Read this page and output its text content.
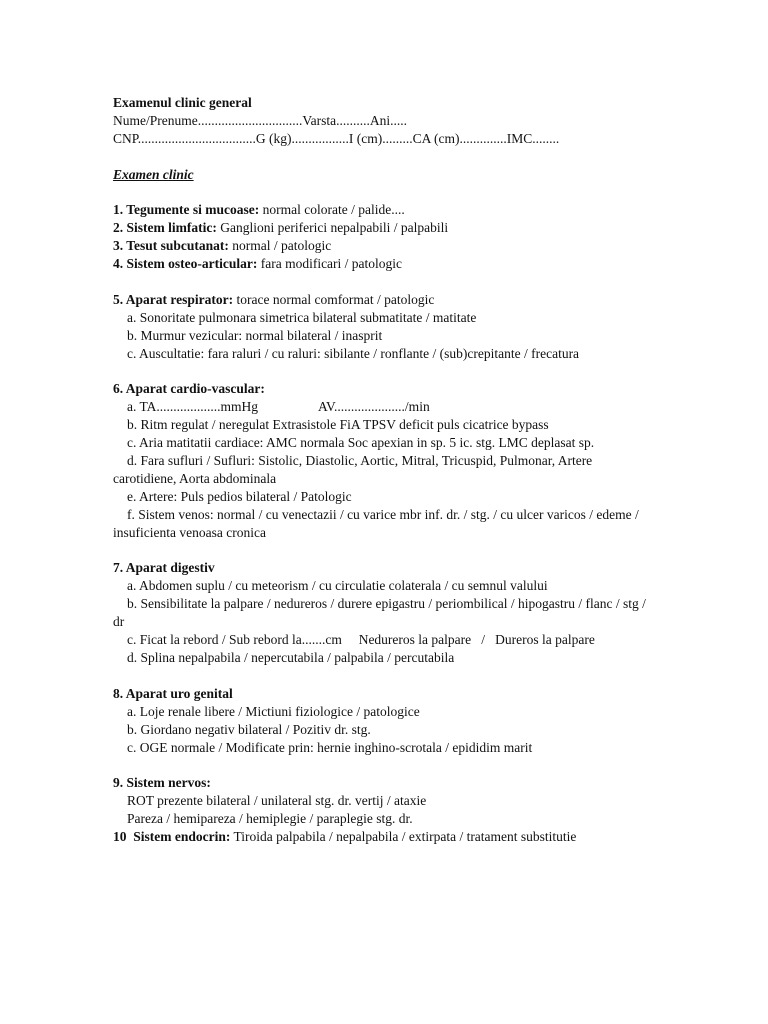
Examenul clinic general
Nume/Prenume...............................Varsta..........Ani.....
CNP...................................G (kg).................I (cm).........CA (cm)..............IMC........
Examen clinic
1. Tegumente si mucoase: normal colorate / palide....
2. Sistem limfatic: Ganglioni periferici nepalpabili / palpabili
3. Tesut subcutanat: normal / patologic
4. Sistem osteo-articular: fara modificari / patologic
5. Aparat respirator: torace normal comformat / patologic
a. Sonoritate pulmonara simetrica bilateral submatitate / matitate
b. Murmur vezicular: normal bilateral / inasprit
c. Auscultatie: fara raluri / cu raluri: sibilante / ronflante / (sub)crepitante / frecatura
6. Aparat cardio-vascular:
a. TA...................mmHg                  AV...................../min
b. Ritm regulat / neregulat Extrasistole FiA TPSV deficit puls cicatrice bypass
c. Aria matitatii cardiace: AMC normala Soc apexian in sp. 5 ic. stg. LMC deplasat sp.
d. Fara sufluri / Sufluri: Sistolic, Diastolic, Aortic, Mitral, Tricuspid, Pulmonar, Artere carotidiene, Aorta abdominala
e. Artere: Puls pedios bilateral / Patologic
f. Sistem venos: normal / cu venectazii / cu varice mbr inf. dr. / stg. / cu ulcer varicos / edeme / insuficienta venoasa cronica
7. Aparat digestiv
a. Abdomen suplu / cu meteorism / cu circulatie colaterala / cu semnul valului
b. Sensibilitate la palpare / nedureros / durere epigastru / periombilical / hipogastru / flanc / stg / dr
c. Ficat la rebord / Sub rebord la.......cm     Nedureros la palpare   /   Dureros la palpare
d. Splina nepalpabila / nepercutabila / palpabila / percutabila
8. Aparat uro genital
a. Loje renale libere / Mictiuni fiziologice / patologice
b. Giordano negativ bilateral / Pozitiv dr. stg.
c. OGE normale / Modificate prin: hernie inghino-scrotala / epididim marit
9. Sistem nervos:
ROT prezente bilateral / unilateral stg. dr. vertij / ataxie
Pareza / hemipareza / hemiplegie / paraplegie stg. dr.
10  Sistem endocrin: Tiroida palpabila / nepalpabila / extirpata / tratament substitutie
